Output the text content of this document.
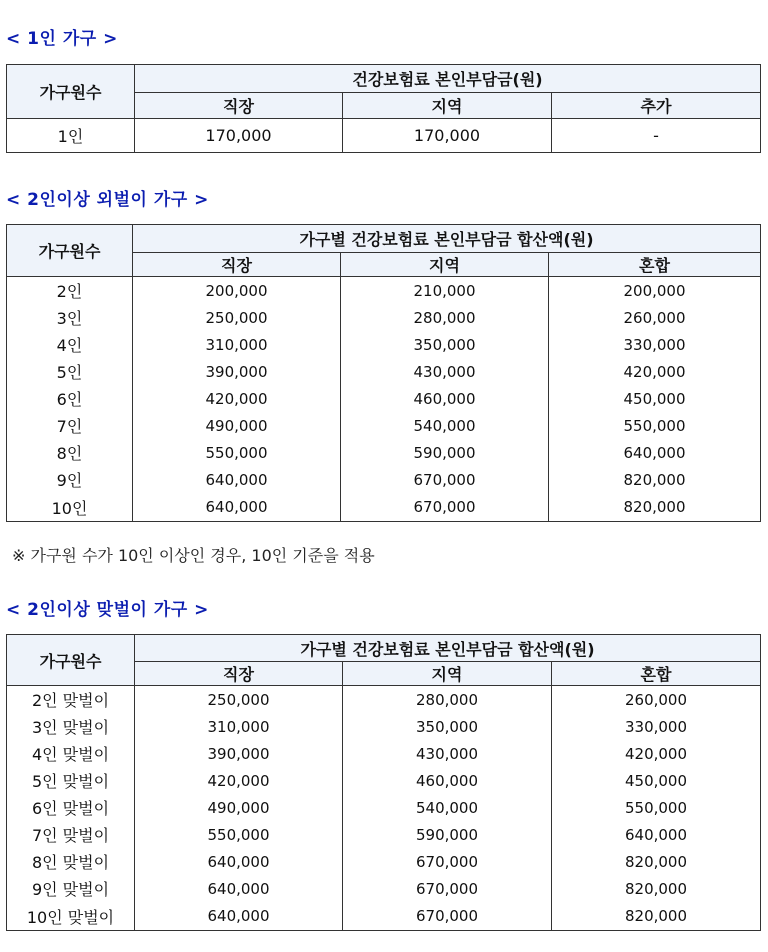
< 1인 가구 >

가구원수	건강보험료 본인부담금(원)		
	직장	지역	추가
1인	170,000	170,000	-

< 2인이상 외벌이 가구 >

가구원수	가구별 건강보험료 본인부담금 합산액(원)		
	직장	지역	혼합
2인	200,000	210,000	200,000
3인	250,000	280,000	260,000
4인	310,000	350,000	330,000
5인	390,000	430,000	420,000
6인	420,000	460,000	450,000
7인	490,000	540,000	550,000
8인	550,000	590,000	640,000
9인	640,000	670,000	820,000
10인	640,000	670,000	820,000

※ 가구원 수가 10인 이상인 경우, 10인 기준을 적용

< 2인이상 맞벌이 가구 >

가구원수	가구별 건강보험료 본인부담금 합산액(원)		
	직장	지역	혼합
2인 맞벌이	250,000	280,000	260,000
3인 맞벌이	310,000	350,000	330,000
4인 맞벌이	390,000	430,000	420,000
5인 맞벌이	420,000	460,000	450,000
6인 맞벌이	490,000	540,000	550,000
7인 맞벌이	550,000	590,000	640,000
8인 맞벌이	640,000	670,000	820,000
9인 맞벌이	640,000	670,000	820,000
10인 맞벌이	640,000	670,000	820,000
